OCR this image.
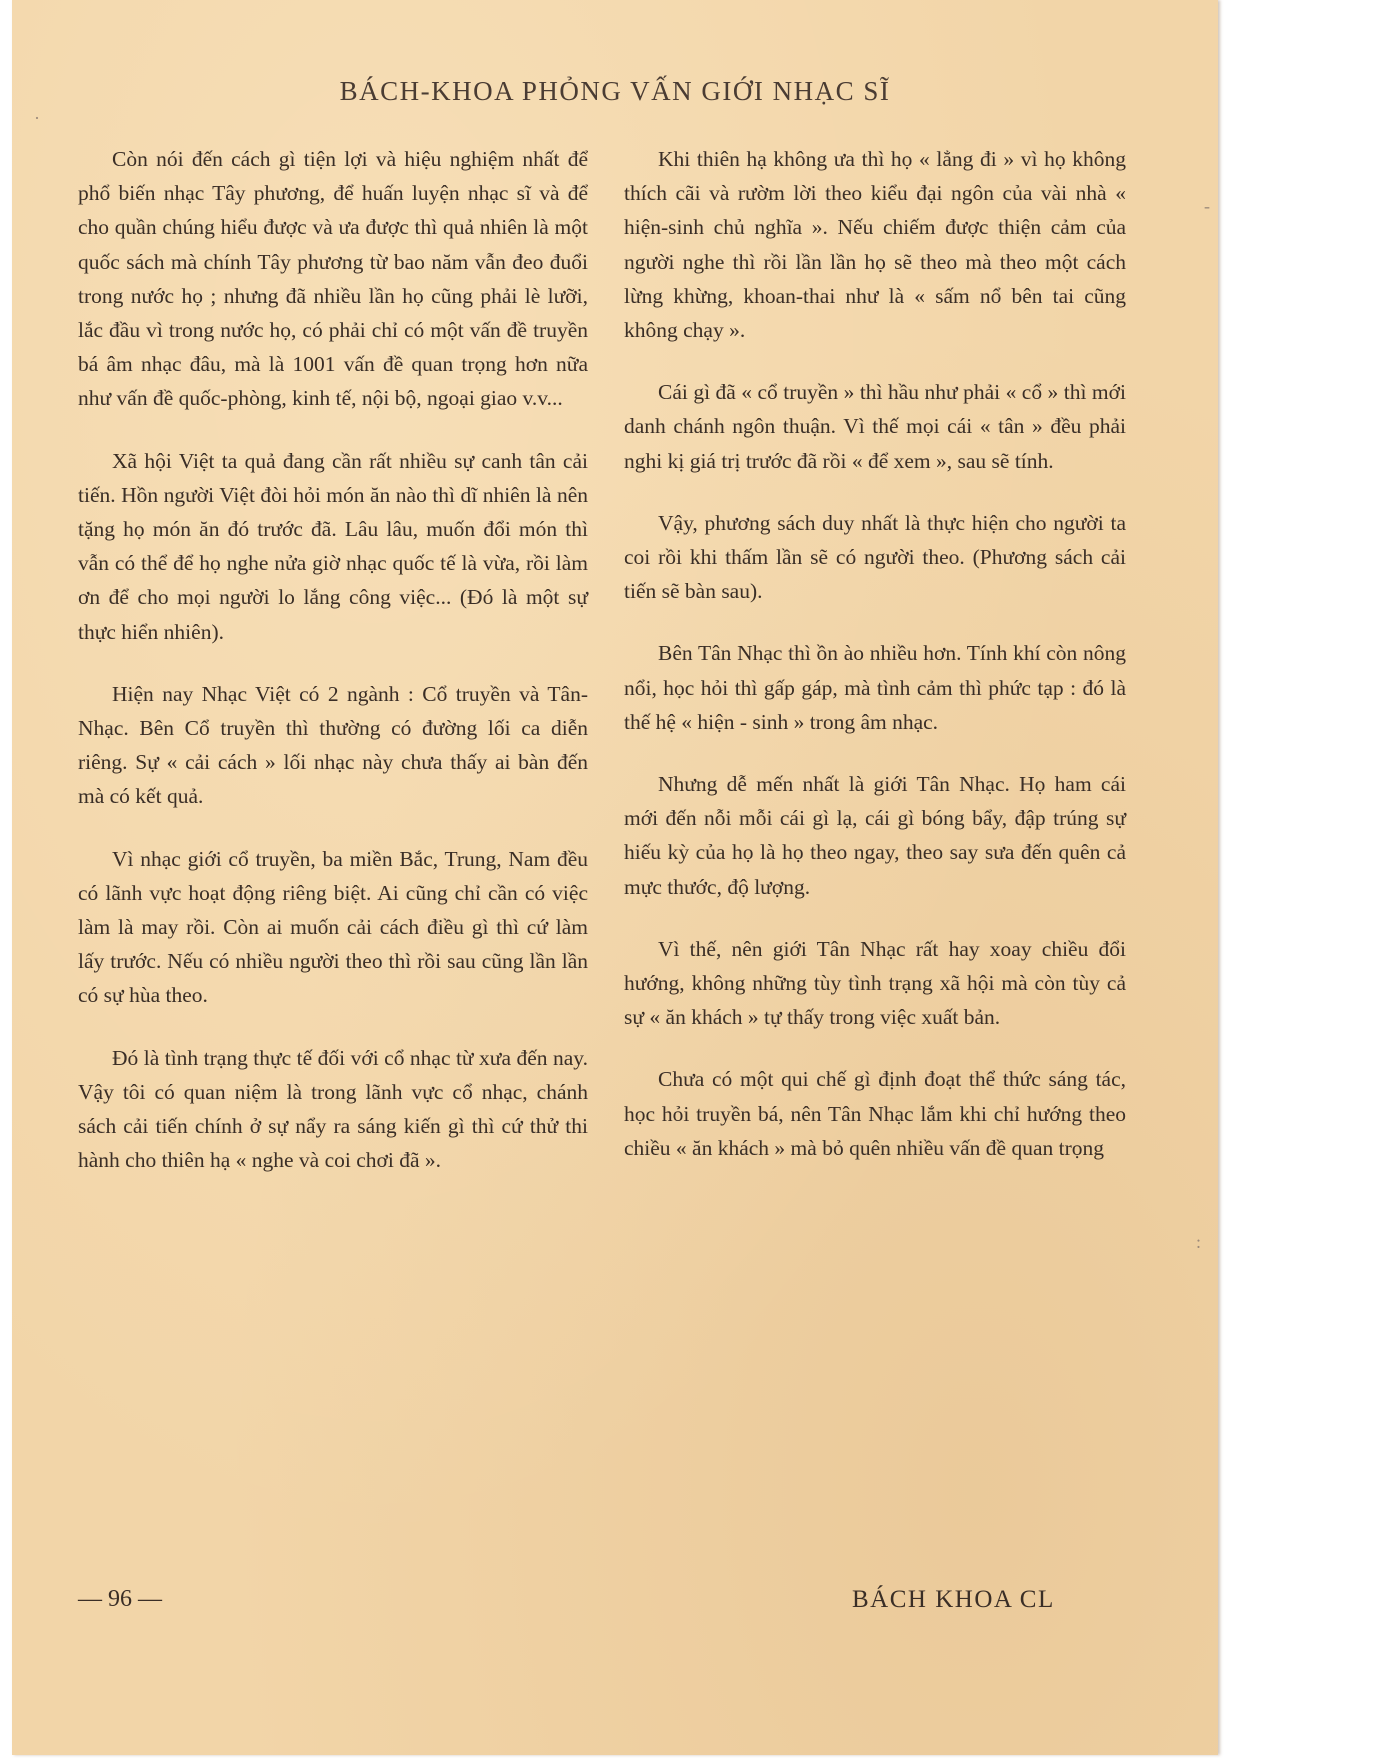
BÁCH-KHOA PHỎNG VẤN GIỚI NHẠC SĨ

Còn nói đến cách gì tiện lợi và hiệu nghiệm nhất để phổ biến nhạc Tây phương, để huấn luyện nhạc sĩ và để cho quần chúng hiểu được và ưa được thì quả nhiên là một quốc sách mà chính Tây phương từ bao năm vẫn đeo đuổi trong nước họ ; nhưng đã nhiều lần họ cũng phải lè lưỡi, lắc đầu vì trong nước họ, có phải chỉ có một vấn đề truyền bá âm nhạc đâu, mà là 1001 vấn đề quan trọng hơn nữa như vấn đề quốc-phòng, kinh tế, nội bộ, ngoại giao v.v...

Xã hội Việt ta quả đang cần rất nhiều sự canh tân cải tiến. Hồn người Việt đòi hỏi món ăn nào thì dĩ nhiên là nên tặng họ món ăn đó trước đã. Lâu lâu, muốn đổi món thì vẫn có thể để họ nghe nửa giờ nhạc quốc tế là vừa, rồi làm ơn để cho mọi người lo lắng công việc... (Đó là một sự thực hiển nhiên).

Hiện nay Nhạc Việt có 2 ngành : Cổ truyền và Tân-Nhạc. Bên Cổ truyền thì thường có đường lối ca diễn riêng. Sự « cải cách » lối nhạc này chưa thấy ai bàn đến mà có kết quả.

Vì nhạc giới cổ truyền, ba miền Bắc, Trung, Nam đều có lãnh vực hoạt động riêng biệt. Ai cũng chỉ cần có việc làm là may rồi. Còn ai muốn cải cách điều gì thì cứ làm lấy trước. Nếu có nhiều người theo thì rồi sau cũng lần lần có sự hùa theo.

Đó là tình trạng thực tế đối với cổ nhạc từ xưa đến nay. Vậy tôi có quan niệm là trong lãnh vực cổ nhạc, chánh sách cải tiến chính ở sự nẩy ra sáng kiến gì thì cứ thử thi hành cho thiên hạ « nghe và coi chơi đã ».

Khi thiên hạ không ưa thì họ « lẳng đi » vì họ không thích cãi và rườm lời theo kiểu đại ngôn của vài nhà « hiện-sinh chủ nghĩa ». Nếu chiếm được thiện cảm của người nghe thì rồi lần lần họ sẽ theo mà theo một cách lừng khừng, khoan-thai như là « sấm nổ bên tai cũng không chạy ».

Cái gì đã « cổ truyền » thì hầu như phải « cổ » thì mới danh chánh ngôn thuận. Vì thế mọi cái « tân » đều phải nghi kị giá trị trước đã rồi « để xem », sau sẽ tính.

Vậy, phương sách duy nhất là thực hiện cho người ta coi rồi khi thấm lần sẽ có người theo. (Phương sách cải tiến sẽ bàn sau).

Bên Tân Nhạc thì ồn ào nhiều hơn. Tính khí còn nông nổi, học hỏi thì gấp gáp, mà tình cảm thì phức tạp : đó là thế hệ « hiện - sinh » trong âm nhạc.

Nhưng dễ mến nhất là giới Tân Nhạc. Họ ham cái mới đến nỗi mỗi cái gì lạ, cái gì bóng bẩy, đập trúng sự hiếu kỳ của họ là họ theo ngay, theo say sưa đến quên cả mực thước, độ lượng.

Vì thế, nên giới Tân Nhạc rất hay xoay chiều đổi hướng, không những tùy tình trạng xã hội mà còn tùy cả sự « ăn khách » tự thấy trong việc xuất bản.

Chưa có một qui chế gì định đoạt thể thức sáng tác, học hỏi truyền bá, nên Tân Nhạc lắm khi chỉ hướng theo chiều « ăn khách » mà bỏ quên nhiều vấn đề quan trọng

— 96 —	BÁCH KHOA CL
·
-
:
